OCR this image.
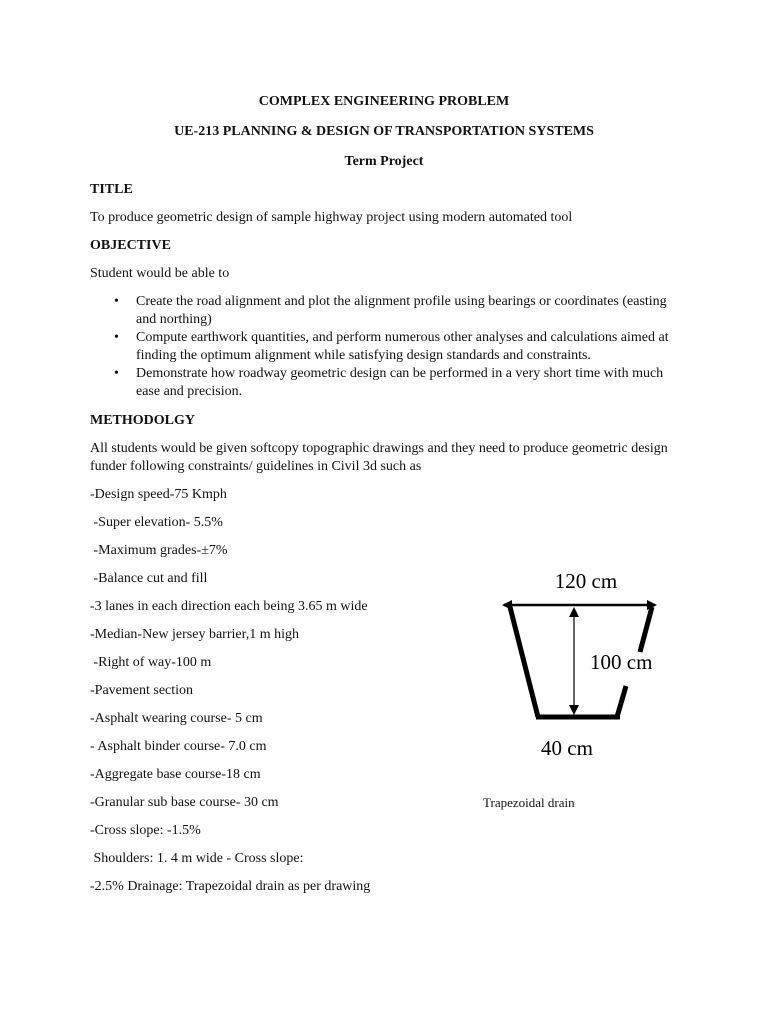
COMPLEX ENGINEERING PROBLEM
UE-213 PLANNING & DESIGN OF TRANSPORTATION SYSTEMS
Term Project
TITLE
To produce geometric design of sample highway project using modern automated tool
OBJECTIVE
Student would be able to
• Create the road alignment and plot the alignment profile using bearings or coordinates (easting and northing)
• Compute earthwork quantities, and perform numerous other analyses and calculations aimed at finding the optimum alignment while satisfying design standards and constraints.
• Demonstrate how roadway geometric design can be performed in a very short time with much ease and precision.
METHODOLGY
All students would be given softcopy topographic drawings and they need to produce geometric design funder following constraints/ guidelines in Civil 3d such as
-Design speed-75 Kmph
-Super elevation- 5.5%
-Maximum grades-±7%
-Balance cut and fill
-3 lanes in each direction each being 3.65 m wide
-Median-New jersey barrier,1 m high
-Right of way-100 m
-Pavement section
-Asphalt wearing course- 5 cm
- Asphalt binder course- 7.0 cm
-Aggregate base course-18 cm
-Granular sub base course- 30 cm
-Cross slope: -1.5%
Shoulders: 1. 4 m wide - Cross slope:
-2.5% Drainage: Trapezoidal drain as per drawing
120 cm
100 cm
40 cm
Trapezoidal drain
